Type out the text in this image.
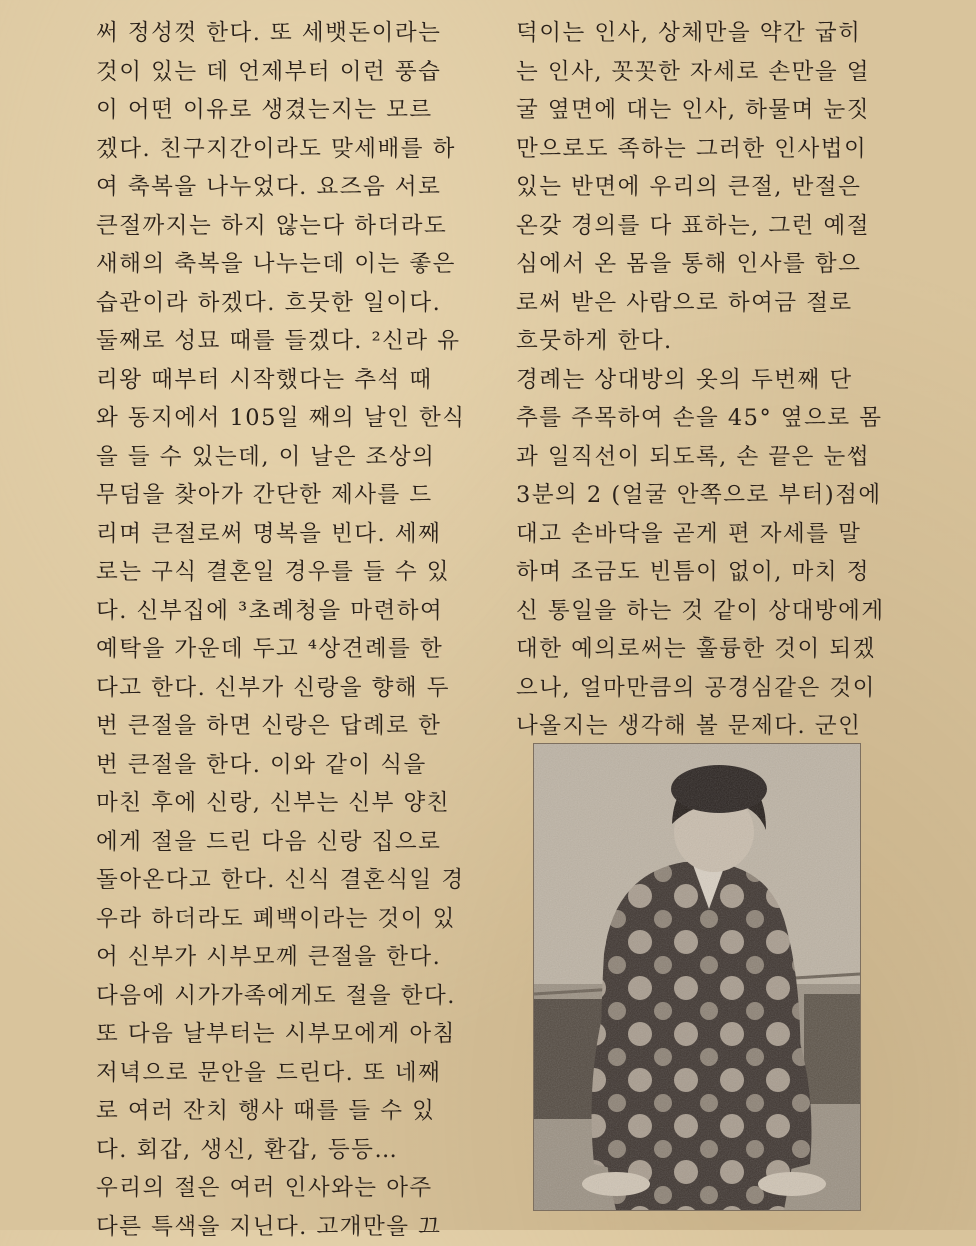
써 정성껏 한다. 또 세뱃돈이라는
것이 있는 데 언제부터 이런 풍습
이 어떤 이유로 생겼는지는 모르
겠다. 친구지간이라도 맞세배를 하
여 축복을 나누었다. 요즈음 서로
큰절까지는 하지 않는다 하더라도
새해의 축복을 나누는데 이는 좋은
습관이라 하겠다. 흐뭇한 일이다.
둘째로 성묘 때를 들겠다. ²신라 유
리왕 때부터 시작했다는 추석 때
와 동지에서 105일 째의 날인 한식
을 들 수 있는데, 이 날은 조상의
무덤을 찾아가 간단한 제사를 드
리며 큰절로써 명복을 빈다. 세째
로는 구식 결혼일 경우를 들 수 있
다. 신부집에 ³초례청을 마련하여
예탁을 가운데 두고 ⁴상견례를 한
다고 한다. 신부가 신랑을 향해 두
번 큰절을 하면 신랑은 답례로 한
번 큰절을 한다. 이와 같이 식을
마친 후에 신랑, 신부는 신부 양친
에게 절을 드린 다음 신랑 집으로
돌아온다고 한다. 신식 결혼식일 경
우라 하더라도 폐백이라는 것이 있
어 신부가 시부모께 큰절을 한다.
다음에 시가가족에게도 절을 한다.
또 다음 날부터는 시부모에게 아침
저녁으로 문안을 드린다. 또 네째
로 여러 잔치 행사 때를 들 수 있
다. 회갑, 생신, 환갑, 등등…
우리의 절은 여러 인사와는 아주
다른 특색을 지닌다. 고개만을 끄
덕이는 인사, 상체만을 약간 굽히
는 인사, 꼿꼿한 자세로 손만을 얼
굴 옆면에 대는 인사, 하물며 눈짓
만으로도 족하는 그러한 인사법이
있는 반면에 우리의 큰절, 반절은
온갖 경의를 다 표하는, 그런 예절
심에서 온 몸을 통해 인사를 함으
로써 받은 사람으로 하여금 절로
흐뭇하게 한다.
경례는 상대방의 옷의 두번째 단
추를 주목하여 손을 45° 옆으로 몸
과 일직선이 되도록, 손 끝은 눈썹
3분의 2 (얼굴 안쪽으로 부터)점에
대고 손바닥을 곧게 편 자세를 말
하며 조금도 빈틈이 없이, 마치 정
신 통일을 하는 것 같이 상대방에게
대한 예의로써는 훌륭한 것이 되겠
으나, 얼마만큼의 공경심같은 것이
나올지는 생각해 볼 문제다. 군인
